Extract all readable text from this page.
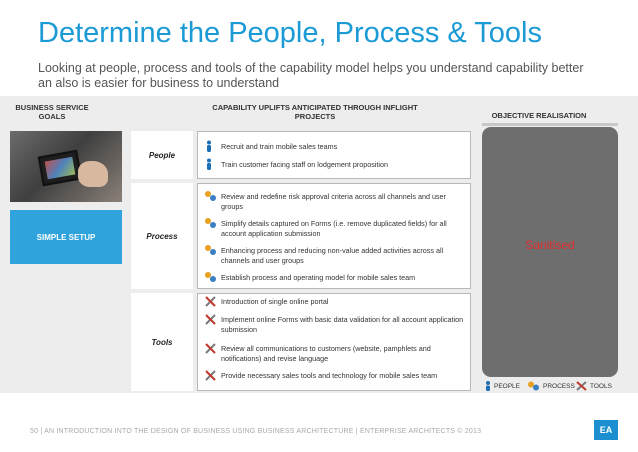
Determine the People, Process & Tools
Looking at people, process and tools of the capability model helps you understand capability better an also is easier for business to understand
BUSINESS SERVICE GOALS
CAPABILITY UPLIFTS ANTICIPATED THROUGH INFLIGHT PROJECTS	OBJECTIVE REALISATION
SIMPLE SETUP
People
Recruit and train mobile sales teams
Train customer facing staff on lodgement proposition
Process
Review and redefine risk approval criteria across all channels and user groups
Simplify details captured on Forms (i.e. remove duplicated fields) for all account application submission
Enhancing process and reducing non-value added activities across all channels and user groups
Establish process and operating model for mobile sales team
Tools
Introduction of single online portal
Implement online Forms with basic data validation for all account application submission
Review all communications to customers (website, pamphlets and notifications) and revise language
Provide necessary sales tools and technology for mobile sales team
Sanitised
PEOPLE	PROCESS TOOLS
50 | AN INTRODUCTION INTO THE DESIGN OF BUSINESS USING BUSINESS ARCHITECTURE | ENTERPRISE ARCHITECTS © 2013	EA
